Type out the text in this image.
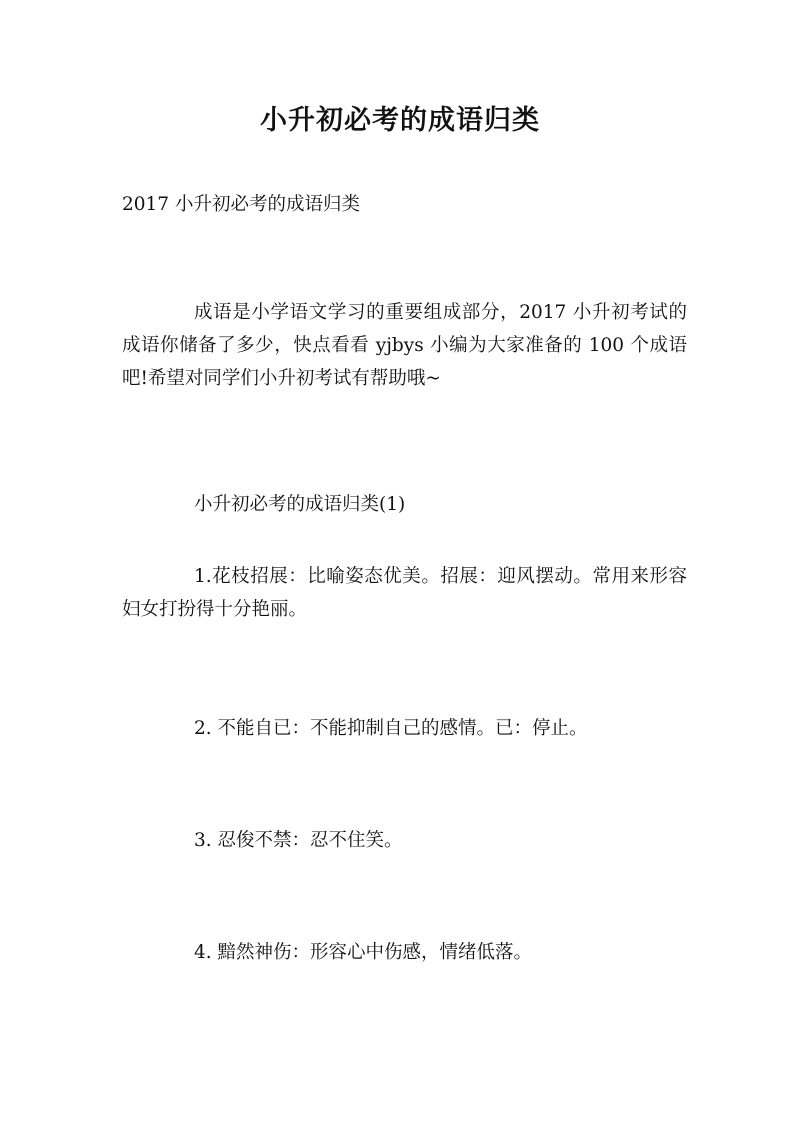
小升初必考的成语归类

2017 小升初必考的成语归类

成语是小学语文学习的重要组成部分，2017 小升初考试的成语你储备了多少，快点看看 yjbys 小编为大家准备的 100 个成语吧!希望对同学们小升初考试有帮助哦~

小升初必考的成语归类(1)

1.花枝招展：比喻姿态优美。招展：迎风摆动。常用来形容妇女打扮得十分艳丽。

2. 不能自已：不能抑制自己的感情。已：停止。

3. 忍俊不禁：忍不住笑。

4. 黯然神伤：形容心中伤感，情绪低落。
